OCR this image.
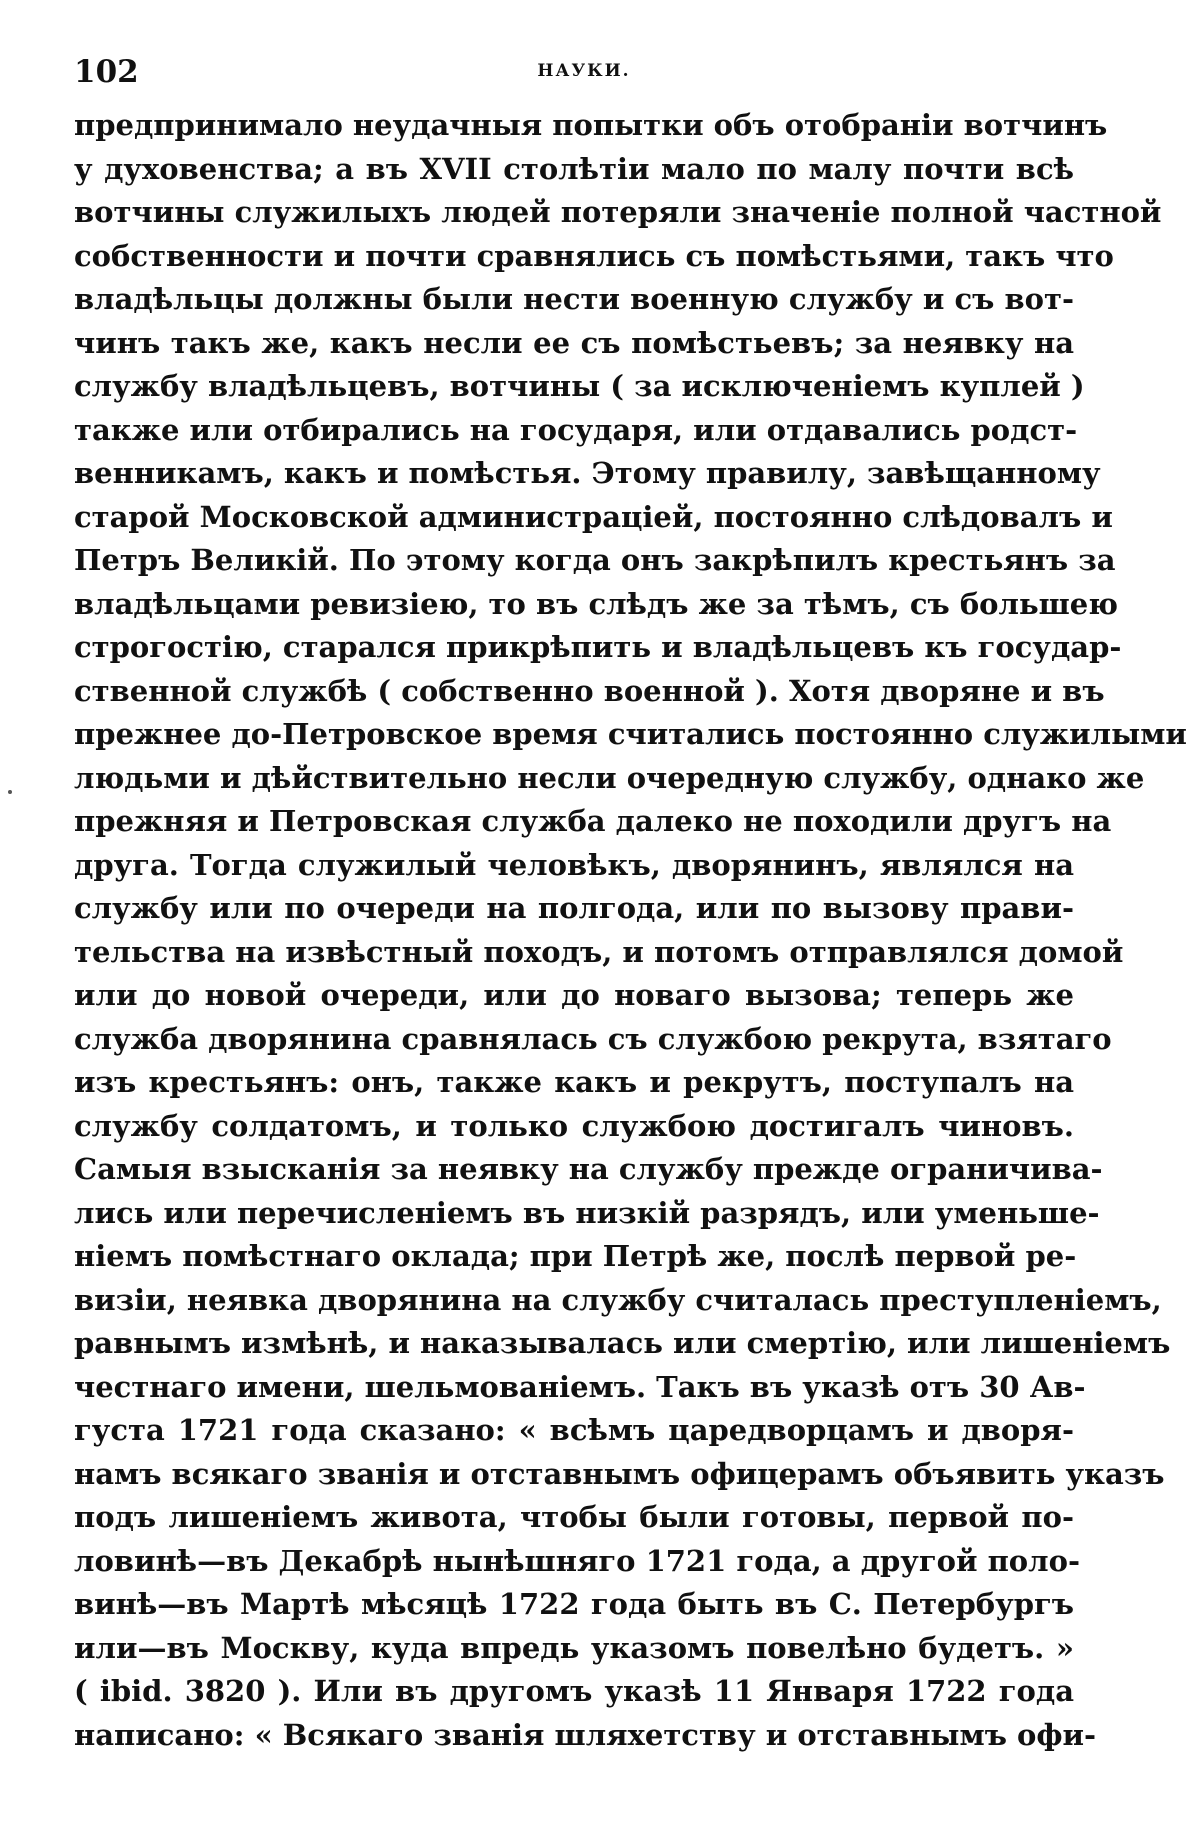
102	НАУКИ.
предпринимало неудачныя попытки объ отобраніи вотчинъ
у духовенства; а въ XVII столѣтіи мало по малу почти всѣ
вотчины служилыхъ людей потеряли значеніе полной частной
собственности и почти сравнялись съ помѣстьями, такъ что
владѣльцы должны были нести военную службу и съ вот-
чинъ такъ же, какъ несли ее съ помѣстьевъ; за неявку на
службу владѣльцевъ, вотчины ( за исключеніемъ куплей )
также или отбирались на государя, или отдавались родст-
венникамъ, какъ и помѣстья. Этому правилу, завѣщанному
старой Московской администраціей, постоянно слѣдовалъ и
Петръ Великій. По этому когда онъ закрѣпилъ крестьянъ за
владѣльцами ревизіею, то въ слѣдъ же за тѣмъ, съ большею
строгостію, старался прикрѣпить и владѣльцевъ къ государ-
ственной службѣ ( собственно военной ). Хотя дворяне и въ
прежнее до-Петровское время считались постоянно служилыми
людьми и дѣйствительно несли очередную службу, однако же
прежняя и Петровская служба далеко не походили другъ на
друга. Тогда служилый человѣкъ, дворянинъ, являлся на
службу или по очереди на полгода, или по вызову прави-
тельства на извѣстный походъ, и потомъ отправлялся домой
или до новой очереди, или до новаго вызова; теперь же
служба дворянина сравнялась съ службою рекрута, взятаго
изъ крестьянъ: онъ, также какъ и рекрутъ, поступалъ на
службу солдатомъ, и только службою достигалъ чиновъ.
Самыя взысканія за неявку на службу прежде ограничива-
лись или перечисленіемъ въ низкій разрядъ, или уменьше-
ніемъ помѣстнаго оклада; при Петрѣ же, послѣ первой ре-
визіи, неявка дворянина на службу считалась преступленіемъ,
равнымъ измѣнѣ, и наказывалась или смертію, или лишеніемъ
честнаго имени, шельмованіемъ. Такъ въ указѣ отъ 30 Ав-
густа 1721 года сказано: « всѣмъ царедворцамъ и дворя-
намъ всякаго званія и отставнымъ офицерамъ объявить указъ
подъ лишеніемъ живота, чтобы были готовы, первой по-
ловинѣ—въ Декабрѣ нынѣшняго 1721 года, а другой поло-
винѣ—въ Мартѣ мѣсяцѣ 1722 года быть въ С. Петербургъ
или—въ Москву, куда впредь указомъ повелѣно будетъ. »
( ibid. 3820 ). Или въ другомъ указѣ 11 Января 1722 года
написано: « Всякаго званія шляхетству и отставнымъ офи-
